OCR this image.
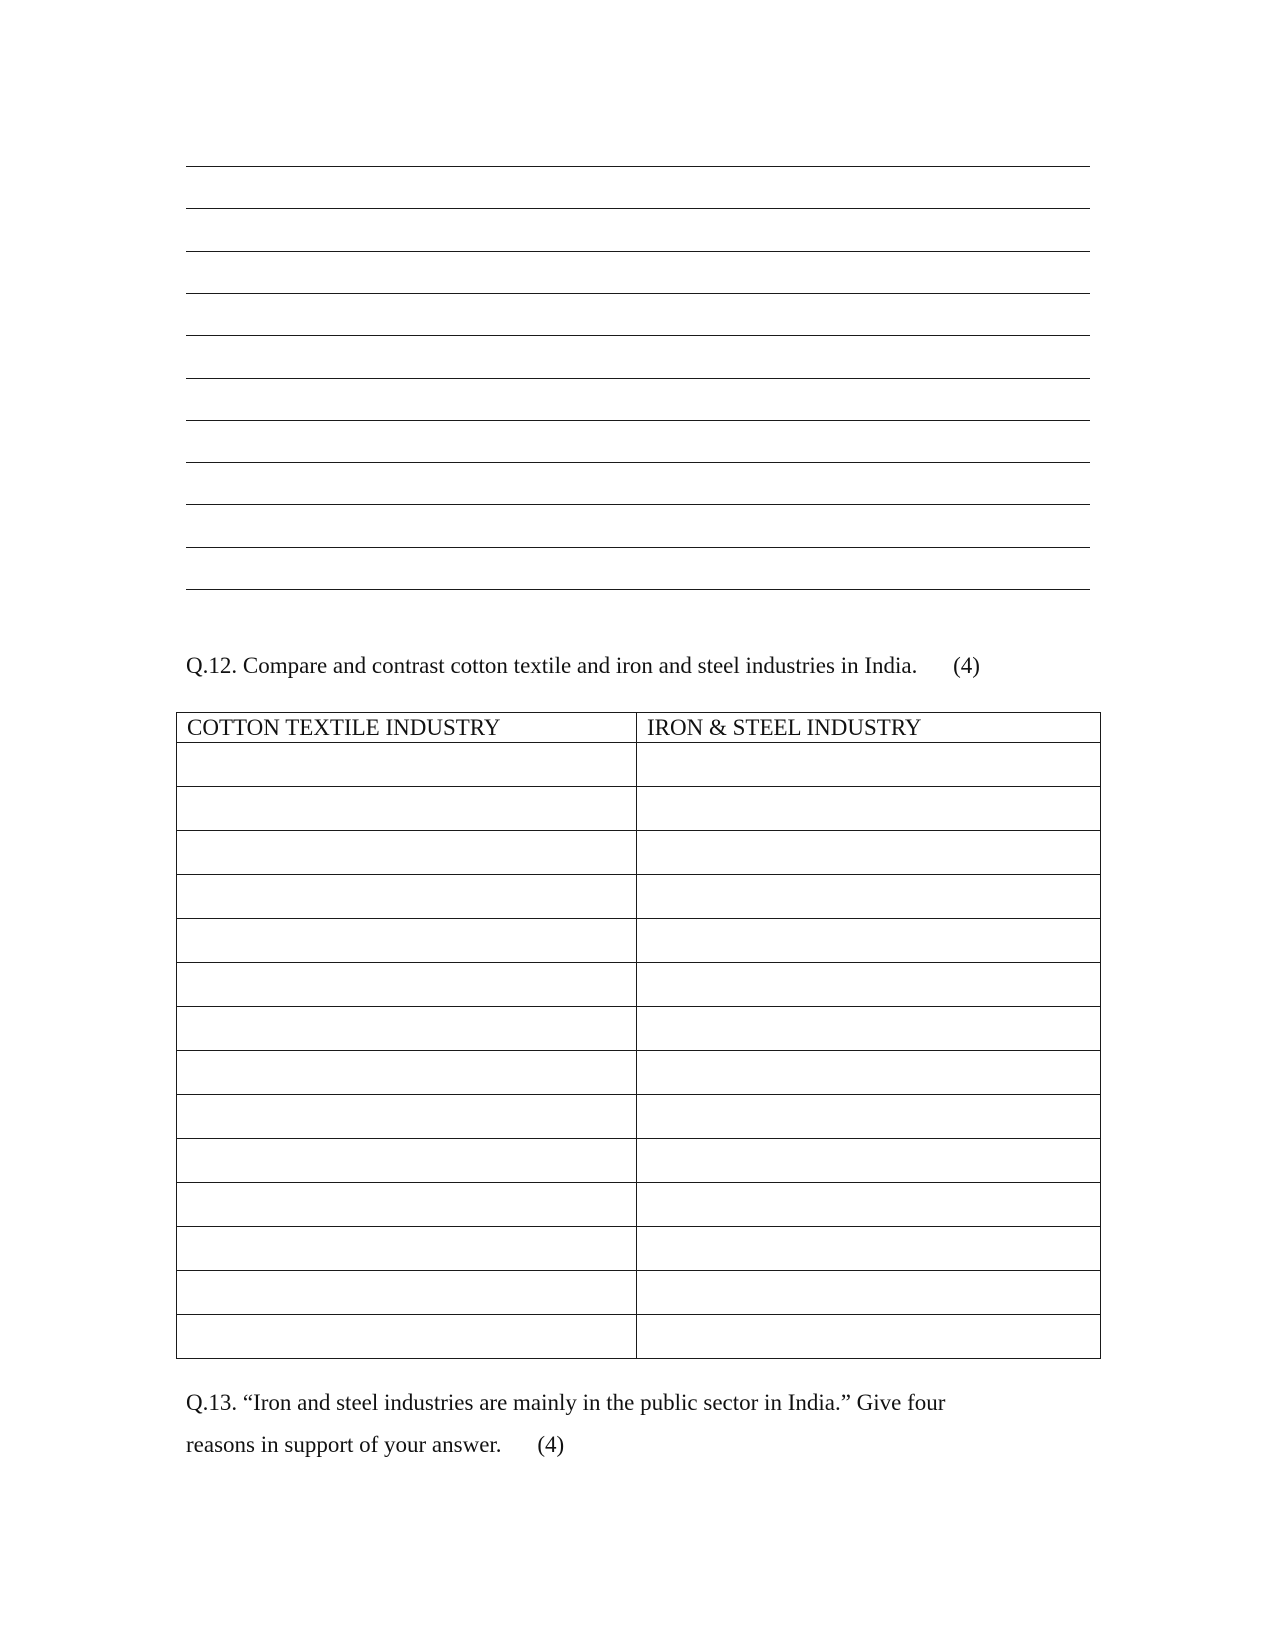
Q.12. Compare and contrast cotton textile and iron and steel industries in India. (4)
COTTON TEXTILE INDUSTRY	IRON & STEEL INDUSTRY

Q.13. “Iron and steel industries are mainly in the public sector in India.” Give four
reasons in support of your answer. (4)
